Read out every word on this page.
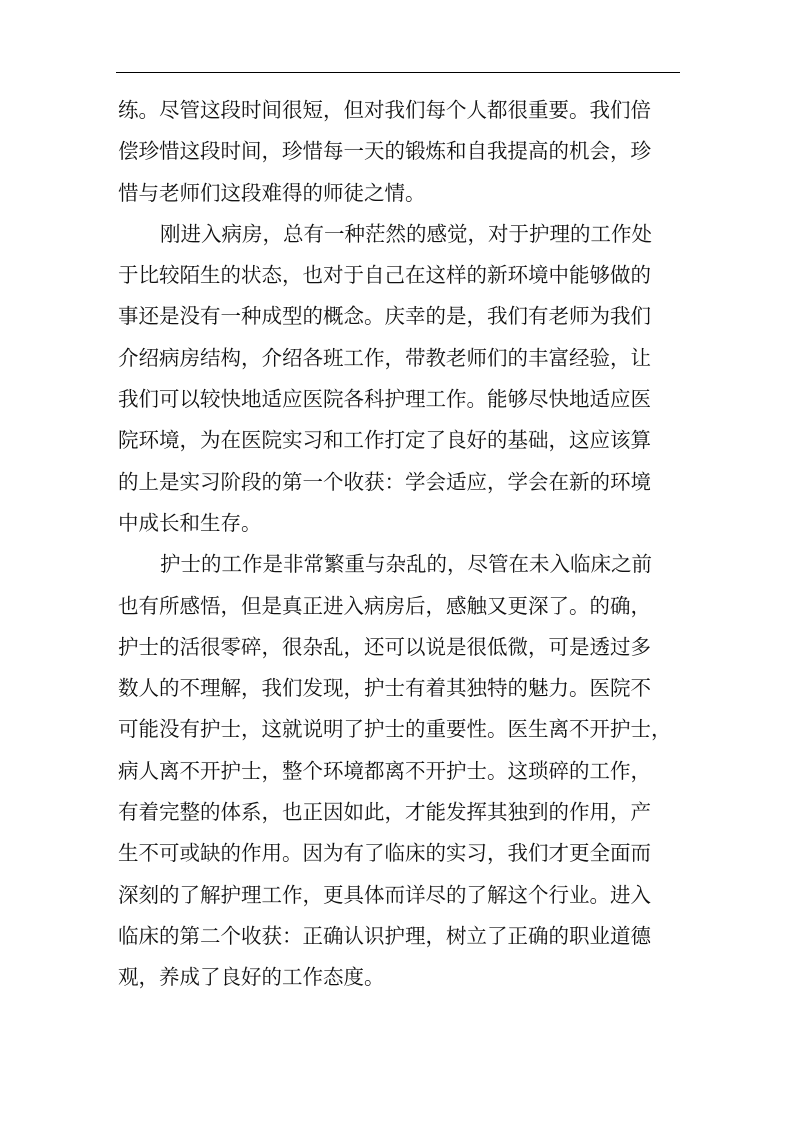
练。尽管这段时间很短，但对我们每个人都很重要。我们倍
偿珍惜这段时间，珍惜每一天的锻炼和自我提高的机会，珍
惜与老师们这段难得的师徒之情。
刚进入病房，总有一种茫然的感觉，对于护理的工作处
于比较陌生的状态，也对于自己在这样的新环境中能够做的
事还是没有一种成型的概念。庆幸的是，我们有老师为我们
介绍病房结构，介绍各班工作，带教老师们的丰富经验，让
我们可以较快地适应医院各科护理工作。能够尽快地适应医
院环境，为在医院实习和工作打定了良好的基础，这应该算
的上是实习阶段的第一个收获：学会适应，学会在新的环境
中成长和生存。
护士的工作是非常繁重与杂乱的，尽管在未入临床之前
也有所感悟，但是真正进入病房后，感触又更深了。的确，
护士的活很零碎，很杂乱，还可以说是很低微，可是透过多
数人的不理解，我们发现，护士有着其独特的魅力。医院不
可能没有护士，这就说明了护士的重要性。医生离不开护士，
病人离不开护士，整个环境都离不开护士。这琐碎的工作，
有着完整的体系，也正因如此，才能发挥其独到的作用，产
生不可或缺的作用。因为有了临床的实习，我们才更全面而
深刻的了解护理工作，更具体而详尽的了解这个行业。进入
临床的第二个收获：正确认识护理，树立了正确的职业道德
观，养成了良好的工作态度。
